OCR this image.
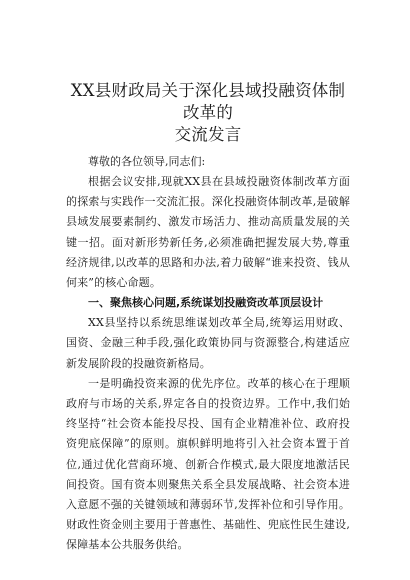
XX县财政局关于深化县域投融资体制改革的
交流发言

尊敬的各位领导,同志们:

根据会议安排,现就XX县在县域投融资体制改革方面的探索与实践作一交流汇报。深化投融资体制改革,是破解县域发展要素制约、激发市场活力、推动高质量发展的关键一招。面对新形势新任务,必须准确把握发展大势,尊重经济规律,以改革的思路和办法,着力破解“谁来投资、钱从何来”的核心命题。

一、聚焦核心问题,系统谋划投融资改革顶层设计

XX县坚持以系统思维谋划改革全局,统筹运用财政、国资、金融三种手段,强化政策协同与资源整合,构建适应新发展阶段的投融资新格局。

一是明确投资来源的优先序位。改革的核心在于理顺政府与市场的关系,界定各自的投资边界。工作中,我们始终坚持“社会资本能投尽投、国有企业精准补位、政府投资兜底保障”的原则。旗帜鲜明地将引入社会资本置于首位,通过优化营商环境、创新合作模式,最大限度地激活民间投资。国有资本则聚焦关系全县发展战略、社会资本进入意愿不强的关键领域和薄弱环节,发挥补位和引导作用。财政性资金则主要用于普惠性、基础性、兜底性民生建设,保障基本公共服务供给。
